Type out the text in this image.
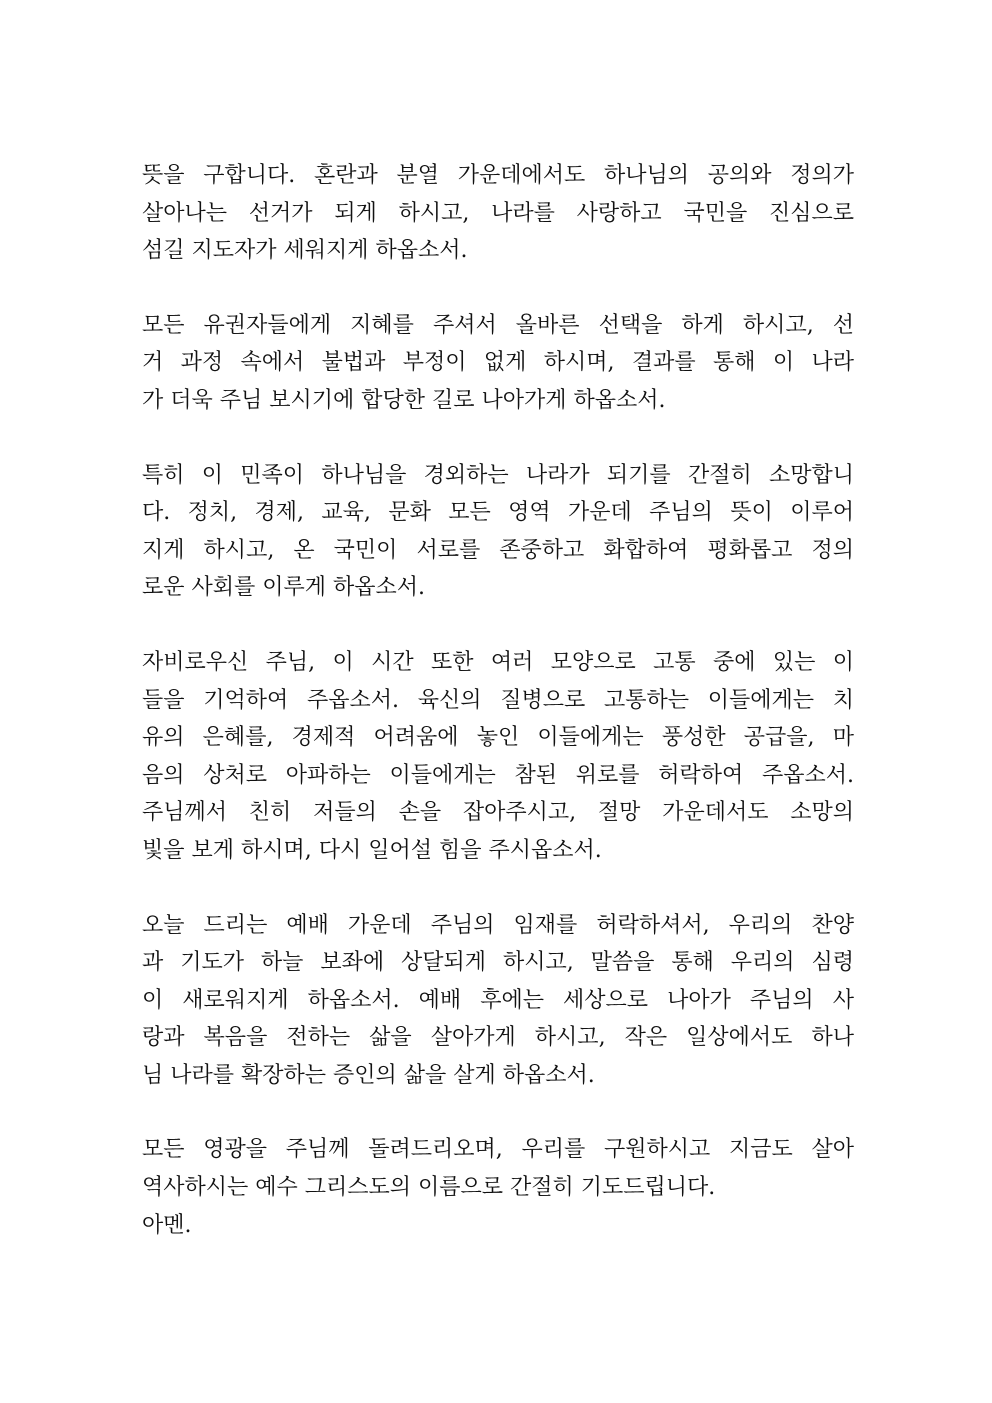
뜻을 구합니다. 혼란과 분열 가운데에서도 하나님의 공의와 정의가
살아나는 선거가 되게 하시고, 나라를 사랑하고 국민을 진심으로
섬길 지도자가 세워지게 하옵소서.
모든 유권자들에게 지혜를 주셔서 올바른 선택을 하게 하시고, 선
거 과정 속에서 불법과 부정이 없게 하시며, 결과를 통해 이 나라
가 더욱 주님 보시기에 합당한 길로 나아가게 하옵소서.
특히 이 민족이 하나님을 경외하는 나라가 되기를 간절히 소망합니
다. 정치, 경제, 교육, 문화 모든 영역 가운데 주님의 뜻이 이루어
지게 하시고, 온 국민이 서로를 존중하고 화합하여 평화롭고 정의
로운 사회를 이루게 하옵소서.
자비로우신 주님, 이 시간 또한 여러 모양으로 고통 중에 있는 이
들을 기억하여 주옵소서. 육신의 질병으로 고통하는 이들에게는 치
유의 은혜를, 경제적 어려움에 놓인 이들에게는 풍성한 공급을, 마
음의 상처로 아파하는 이들에게는 참된 위로를 허락하여 주옵소서.
주님께서 친히 저들의 손을 잡아주시고, 절망 가운데서도 소망의
빛을 보게 하시며, 다시 일어설 힘을 주시옵소서.
오늘 드리는 예배 가운데 주님의 임재를 허락하셔서, 우리의 찬양
과 기도가 하늘 보좌에 상달되게 하시고, 말씀을 통해 우리의 심령
이 새로워지게 하옵소서. 예배 후에는 세상으로 나아가 주님의 사
랑과 복음을 전하는 삶을 살아가게 하시고, 작은 일상에서도 하나
님 나라를 확장하는 증인의 삶을 살게 하옵소서.
모든 영광을 주님께 돌려드리오며, 우리를 구원하시고 지금도 살아
역사하시는 예수 그리스도의 이름으로 간절히 기도드립니다.
아멘.
